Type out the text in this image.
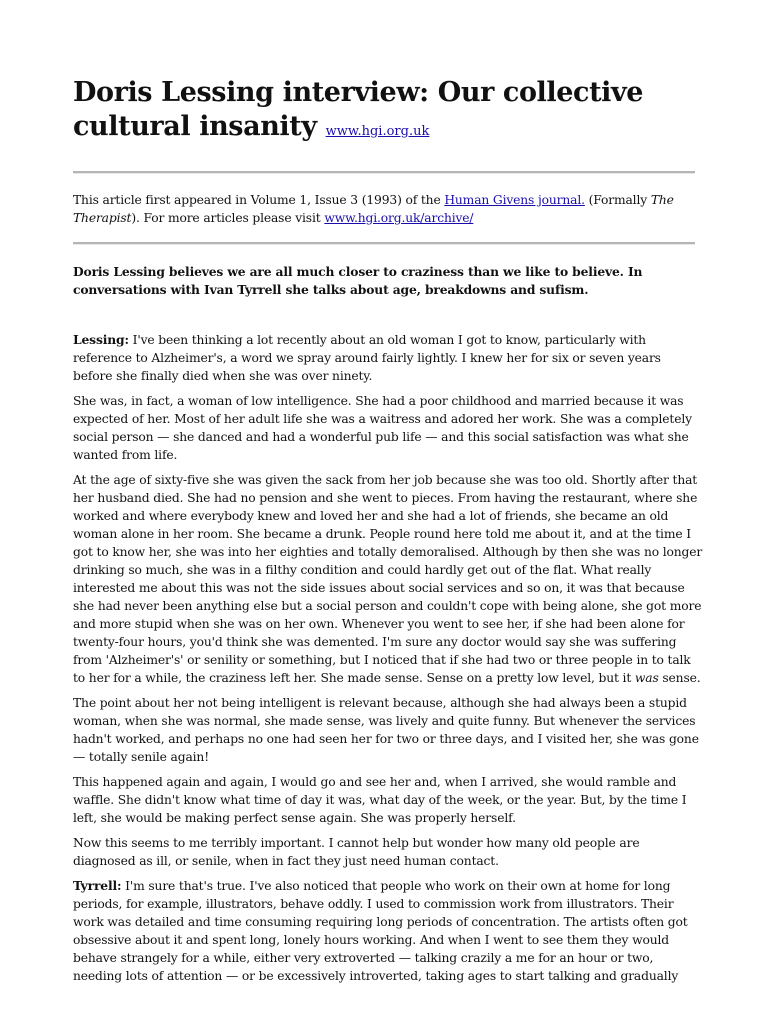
Doris Lessing interview: Our collective cultural insanity www.hgi.org.uk
This article first appeared in Volume 1, Issue 3 (1993) of the Human Givens journal. (Formally The Therapist). For more articles please visit www.hgi.org.uk/archive/
Doris Lessing believes we are all much closer to craziness than we like to believe. In conversations with Ivan Tyrrell she talks about age, breakdowns and sufism.

Lessing: I've been thinking a lot recently about an old woman I got to know, particularly with reference to Alzheimer's, a word we spray around fairly lightly. I knew her for six or seven years before she finally died when she was over ninety.

She was, in fact, a woman of low intelligence. She had a poor childhood and married because it was expected of her. Most of her adult life she was a waitress and adored her work. She was a completely social person — she danced and had a wonderful pub life — and this social satisfaction was what she wanted from life.

At the age of sixty-five she was given the sack from her job because she was too old. Shortly after that her husband died. She had no pension and she went to pieces. From having the restaurant, where she worked and where everybody knew and loved her and she had a lot of friends, she became an old woman alone in her room. She became a drunk. People round here told me about it, and at the time I got to know her, she was into her eighties and totally demoralised. Although by then she was no longer drinking so much, she was in a filthy condition and could hardly get out of the flat. What really interested me about this was not the side issues about social services and so on, it was that because she had never been anything else but a social person and couldn't cope with being alone, she got more and more stupid when she was on her own. Whenever you went to see her, if she had been alone for twenty-four hours, you'd think she was demented. I'm sure any doctor would say she was suffering from 'Alzheimer's' or senility or something, but I noticed that if she had two or three people in to talk to her for a while, the craziness left her. She made sense. Sense on a pretty low level, but it was sense.

The point about her not being intelligent is relevant because, although she had always been a stupid woman, when she was normal, she made sense, was lively and quite funny. But whenever the services hadn't worked, and perhaps no one had seen her for two or three days, and I visited her, she was gone — totally senile again!

This happened again and again, I would go and see her and, when I arrived, she would ramble and waffle. She didn't know what time of day it was, what day of the week, or the year. But, by the time I left, she would be making perfect sense again. She was properly herself.

Now this seems to me terribly important. I cannot help but wonder how many old people are diagnosed as ill, or senile, when in fact they just need human contact.

Tyrrell: I'm sure that's true. I've also noticed that people who work on their own at home for long periods, for example, illustrators, behave oddly. I used to commission work from illustrators. Their work was detailed and time consuming requiring long periods of concentration. The artists often got obsessive about it and spent long, lonely hours working. And when I went to see them they would behave strangely for a while, either very extroverted — talking crazily a me for an hour or two, needing lots of attention — or be excessively introverted, taking ages to start talking and gradually
